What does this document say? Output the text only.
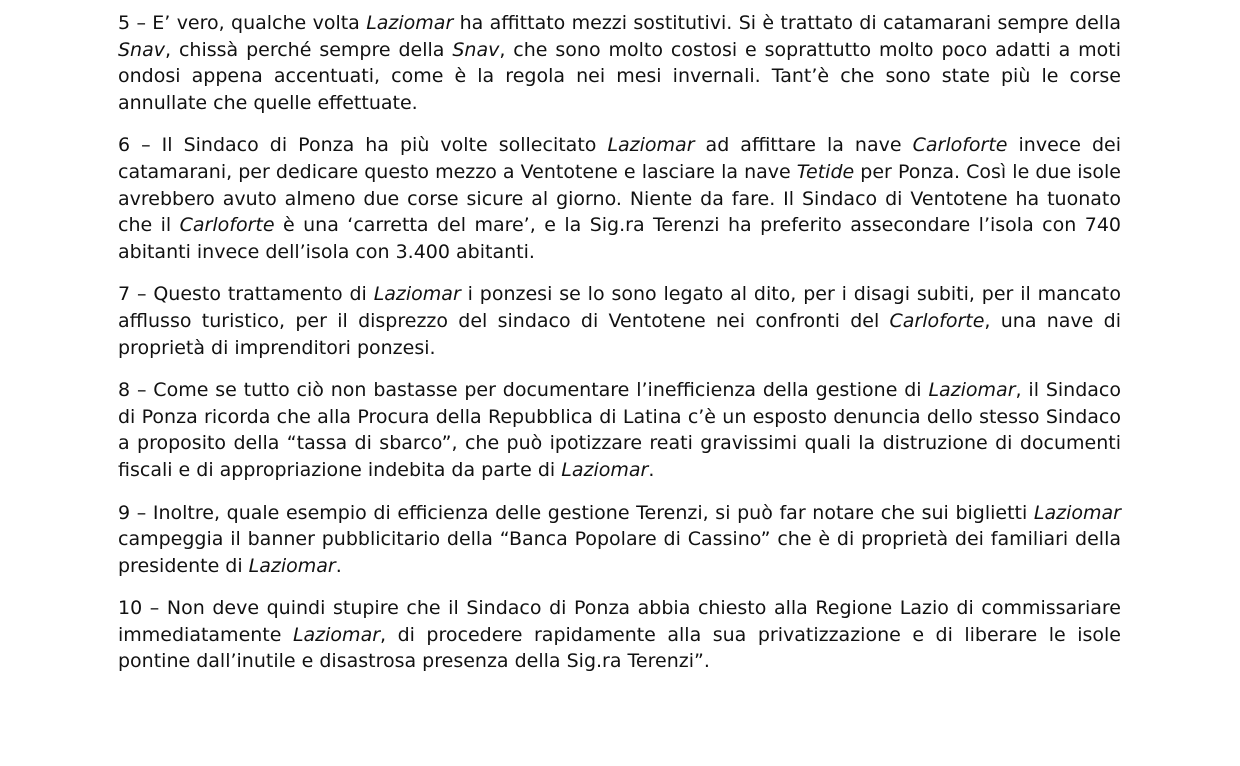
5 – E’ vero, qualche volta Laziomar ha affittato mezzi sostitutivi. Si è trattato di catamarani sempre della Snav, chissà perché sempre della Snav, che sono molto costosi e soprattutto molto poco adatti a moti ondosi appena accentuati, come è la regola nei mesi invernali. Tant’è che sono state più le corse annullate che quelle effettuate.

6 – Il Sindaco di Ponza ha più volte sollecitato Laziomar ad affittare la nave Carloforte invece dei catamarani, per dedicare questo mezzo a Ventotene e lasciare la nave Tetide per Ponza. Così le due isole avrebbero avuto almeno due corse sicure al giorno. Niente da fare. Il Sindaco di Ventotene ha tuonato che il Carloforte è una ‘carretta del mare’, e la Sig.ra Terenzi ha preferito assecondare l’isola con 740 abitanti invece dell’isola con 3.400 abitanti.

7 – Questo trattamento di Laziomar i ponzesi se lo sono legato al dito, per i disagi subiti, per il mancato afflusso turistico, per il disprezzo del sindaco di Ventotene nei confronti del Carloforte, una nave di proprietà di imprenditori ponzesi.

8 – Come se tutto ciò non bastasse per documentare l’inefficienza della gestione di Laziomar, il Sindaco di Ponza ricorda che alla Procura della Repubblica di Latina c’è un esposto denuncia dello stesso Sindaco a proposito della “tassa di sbarco”, che può ipotizzare reati gravissimi quali la distruzione di documenti fiscali e di appropriazione indebita da parte di Laziomar.

9 – Inoltre, quale esempio di efficienza delle gestione Terenzi, si può far notare che sui biglietti Laziomar campeggia il banner pubblicitario della “Banca Popolare di Cassino” che è di proprietà dei familiari della presidente di Laziomar.

10 – Non deve quindi stupire che il Sindaco di Ponza abbia chiesto alla Regione Lazio di commissariare immediatamente Laziomar, di procedere rapidamente alla sua privatizzazione e di liberare le isole pontine dall’inutile e disastrosa presenza della Sig.ra Terenzi”.
